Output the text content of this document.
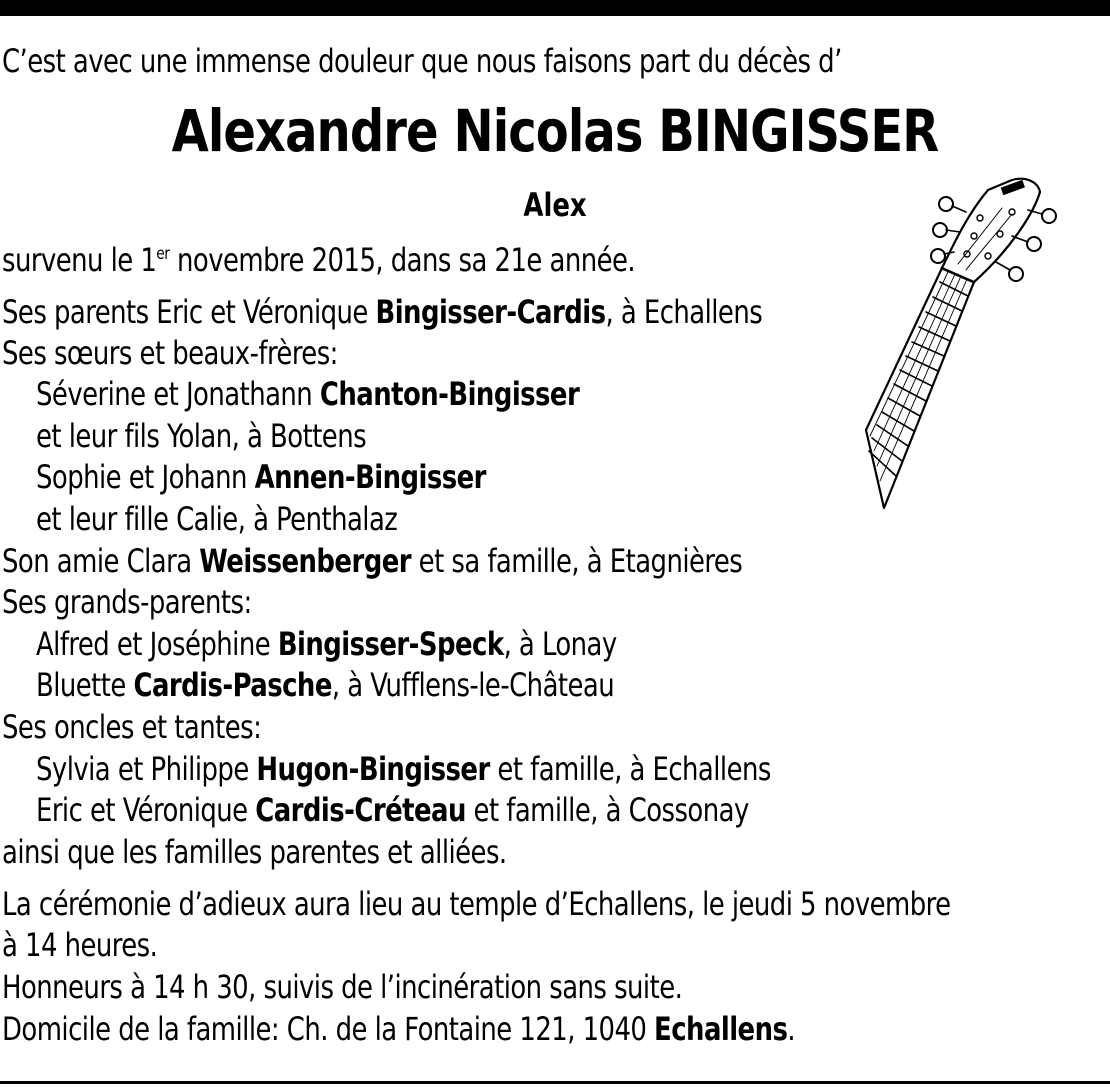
C’est avec une immense douleur que nous faisons part du décès d’
Alexandre Nicolas BINGISSER
Alex
survenu le 1er novembre 2015, dans sa 21e année.
Ses parents Eric et Véronique Bingisser-Cardis, à Echallens
Ses sœurs et beaux-frères:
Séverine et Jonathann Chanton-Bingisser
et leur fils Yolan, à Bottens
Sophie et Johann Annen-Bingisser
et leur fille Calie, à Penthalaz
Son amie Clara Weissenberger et sa famille, à Etagnières
Ses grands-parents:
Alfred et Joséphine Bingisser-Speck, à Lonay
Bluette Cardis-Pasche, à Vufflens-le-Château
Ses oncles et tantes:
Sylvia et Philippe Hugon-Bingisser et famille, à Echallens
Eric et Véronique Cardis-Créteau et famille, à Cossonay
ainsi que les familles parentes et alliées.
La cérémonie d’adieux aura lieu au temple d’Echallens, le jeudi 5 novembre
à 14 heures.
Honneurs à 14 h 30, suivis de l’incinération sans suite.
Domicile de la famille: Ch. de la Fontaine 121, 1040 Echallens.
